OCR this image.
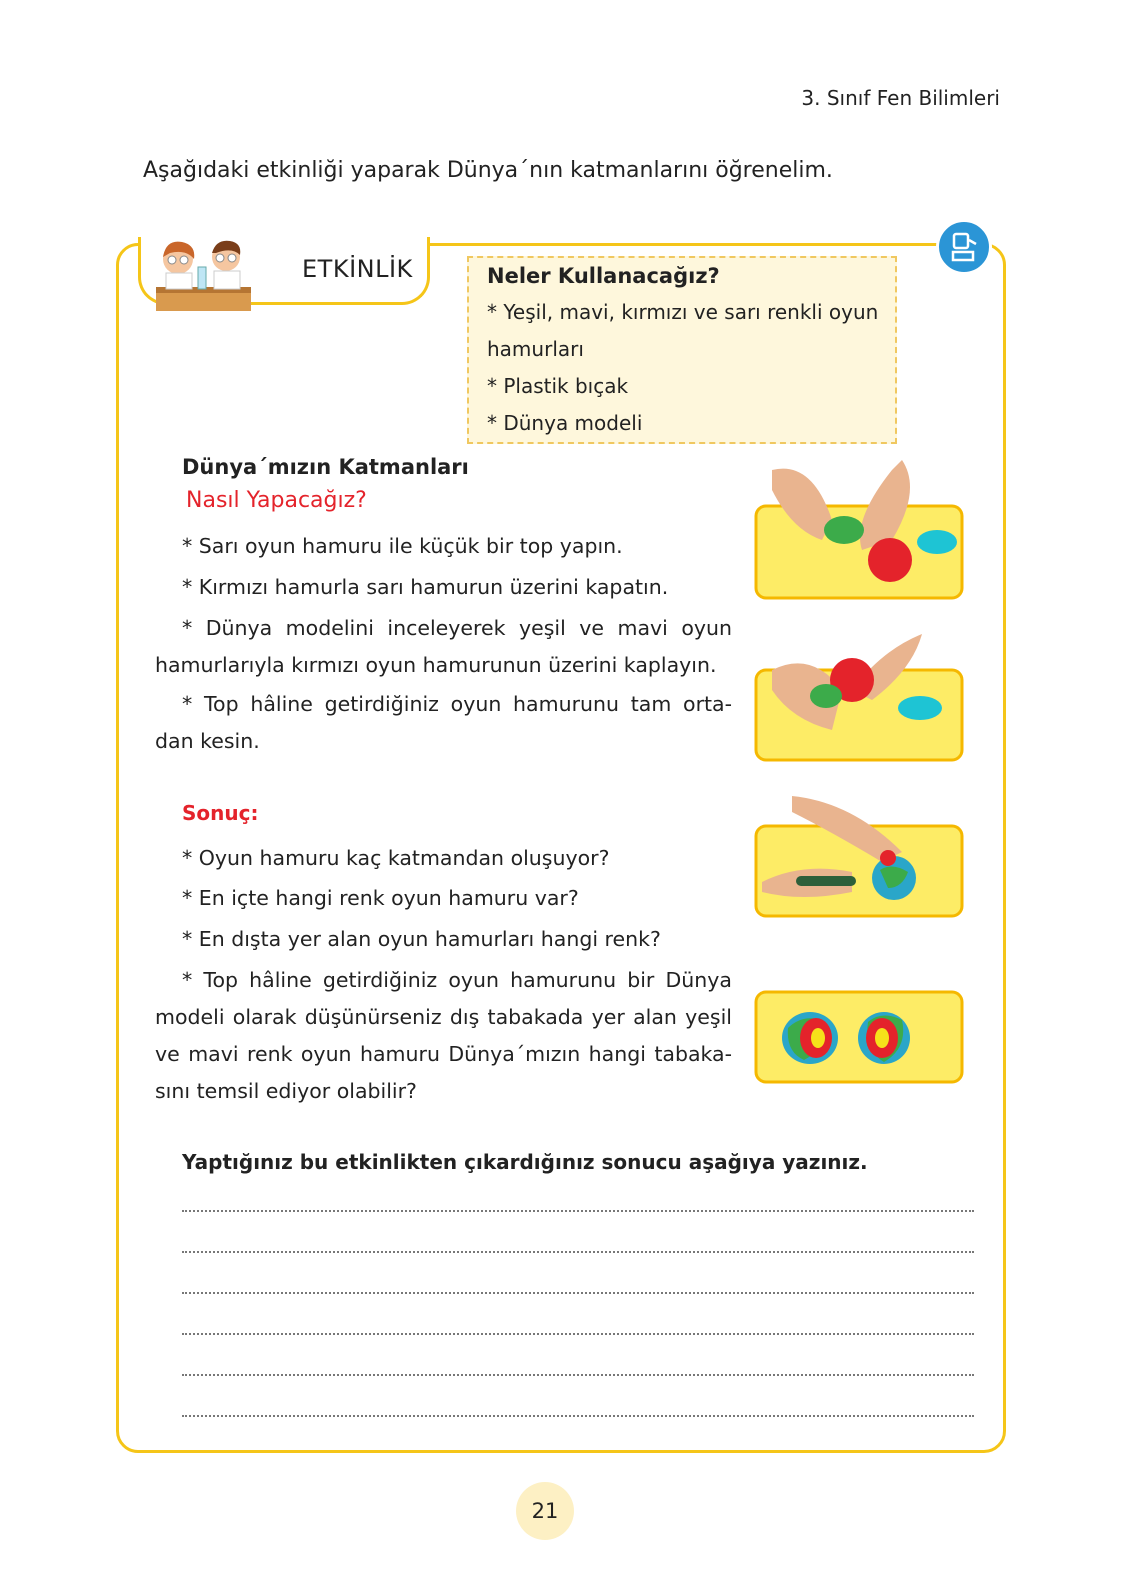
3. Sınıf Fen Bilimleri
Aşağıdaki etkinliği yaparak Dünya´nın katmanlarını öğrenelim.
ETKİNLİK	Neler Kullanacağız?
* Yeşil, mavi, kırmızı ve sarı renkli oyun
hamurları
* Plastik bıçak
* Dünya modeli
Dünya´mızın Katmanları
Nasıl Yapacağız?
* Sarı oyun hamuru ile küçük bir top yapın.
* Kırmızı hamurla sarı hamurun üzerini kapatın.
* Dünya modelini inceleyerek yeşil ve mavi oyun hamurlarıyla kırmızı oyun hamurunun üzerini kaplayın.
* Top hâline getirdiğiniz oyun hamurunu tam orta- dan kesin.
Sonuç:
* Oyun hamuru kaç katmandan oluşuyor?
* En içte hangi renk oyun hamuru var?
* En dışta yer alan oyun hamurları hangi renk?
* Top hâline getirdiğiniz oyun hamurunu bir Dünya modeli olarak düşünürseniz dış tabakada yer alan yeşil ve mavi renk oyun hamuru Dünya´mızın hangi tabaka- sını temsil ediyor olabilir?
Yaptığınız bu etkinlikten çıkardığınız sonucu aşağıya yazınız.
21
